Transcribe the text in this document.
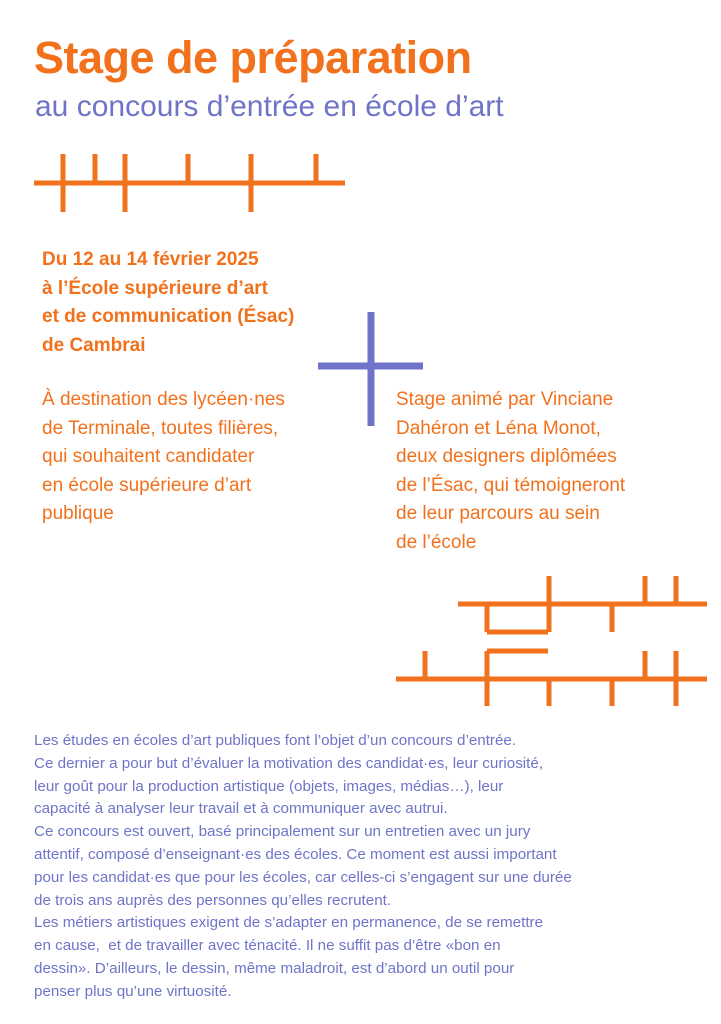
Stage de préparation
au concours d’entrée en école d’art

Du 12 au 14 février 2025
à l’École supérieure d’art
et de communication (Ésac)
de Cambrai

À destination des lycéen·nes
de Terminale, toutes filières,
qui souhaitent candidater
en école supérieure d’art
publique

Stage animé par Vinciane
Dahéron et Léna Monot,
deux designers diplômées
de l’Ésac, qui témoigneront
de leur parcours au sein
de l’école

Les études en écoles d’art publiques font l’objet d’un concours d’entrée.
Ce dernier a pour but d’évaluer la motivation des candidat·es, leur curiosité,
leur goût pour la production artistique (objets, images, médias…), leur
capacité à analyser leur travail et à communiquer avec autrui.
Ce concours est ouvert, basé principalement sur un entretien avec un jury
attentif, composé d’enseignant·es des écoles. Ce moment est aussi important
pour les candidat·es que pour les écoles, car celles-ci s’engagent sur une durée
de trois ans auprès des personnes qu’elles recrutent.
Les métiers artistiques exigent de s’adapter en permanence, de se remettre
en cause,  et de travailler avec ténacité. Il ne suffit pas d’être «bon en
dessin». D’ailleurs, le dessin, même maladroit, est d’abord un outil pour
penser plus qu’une virtuosité.
